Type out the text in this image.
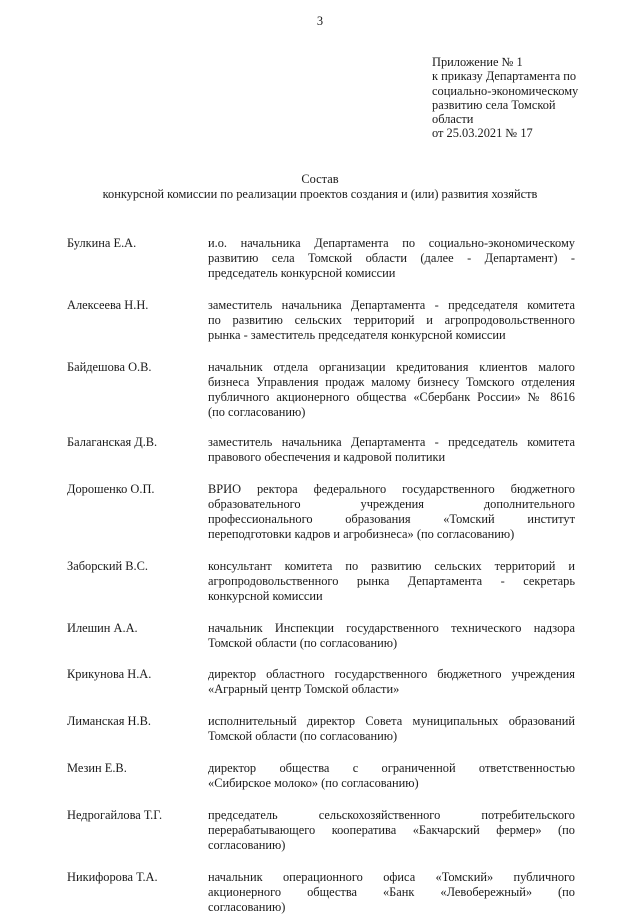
3
Приложение № 1
к приказу Департамента по
социально-экономическому
развитию села Томской
области
от 25.03.2021 № 17
Состав
конкурсной комиссии по реализации проектов создания и (или) развития хозяйств
Булкина Е.А.	и.о. начальника Департамента по социально-экономическому
развитию села Томской области (далее - Департамент) -
председатель конкурсной комиссии
Алексеева Н.Н.	заместитель начальника Департамента - председателя комитета
по развитию сельских территорий и агропродовольственного
рынка - заместитель председателя конкурсной комиссии
Байдешова О.В.	начальник отдела организации кредитования клиентов малого
бизнеса Управления продаж малому бизнесу Томского отделения
публичного акционерного общества «Сбербанк России» № 8616
(по согласованию)
Балаганская Д.В.	заместитель начальника Департамента - председатель комитета
правового обеспечения и кадровой политики
Дорошенко О.П.	ВРИО ректора федерального государственного бюджетного
образовательного учреждения дополнительного
профессионального образования «Томский институт
переподготовки кадров и агробизнеса» (по согласованию)
Заборский В.С.	консультант комитета по развитию сельских территорий и
агропродовольственного рынка Департамента - секретарь
конкурсной комиссии
Илешин А.А.	начальник Инспекции государственного технического надзора
Томской области (по согласованию)
Крикунова Н.А.	директор областного государственного бюджетного учреждения
«Аграрный центр Томской области»
Лиманская Н.В.	исполнительный директор Совета муниципальных образований
Томской области (по согласованию)
Мезин Е.В.	директор общества с ограниченной ответственностью
«Сибирское молоко» (по согласованию)
Недрогайлова Т.Г.	председатель сельскохозяйственного потребительского
перерабатывающего кооператива «Бакчарский фермер» (по
согласованию)
Никифорова Т.А.	начальник операционного офиса «Томский» публичного
акционерного общества «Банк «Левобережный» (по
согласованию)
